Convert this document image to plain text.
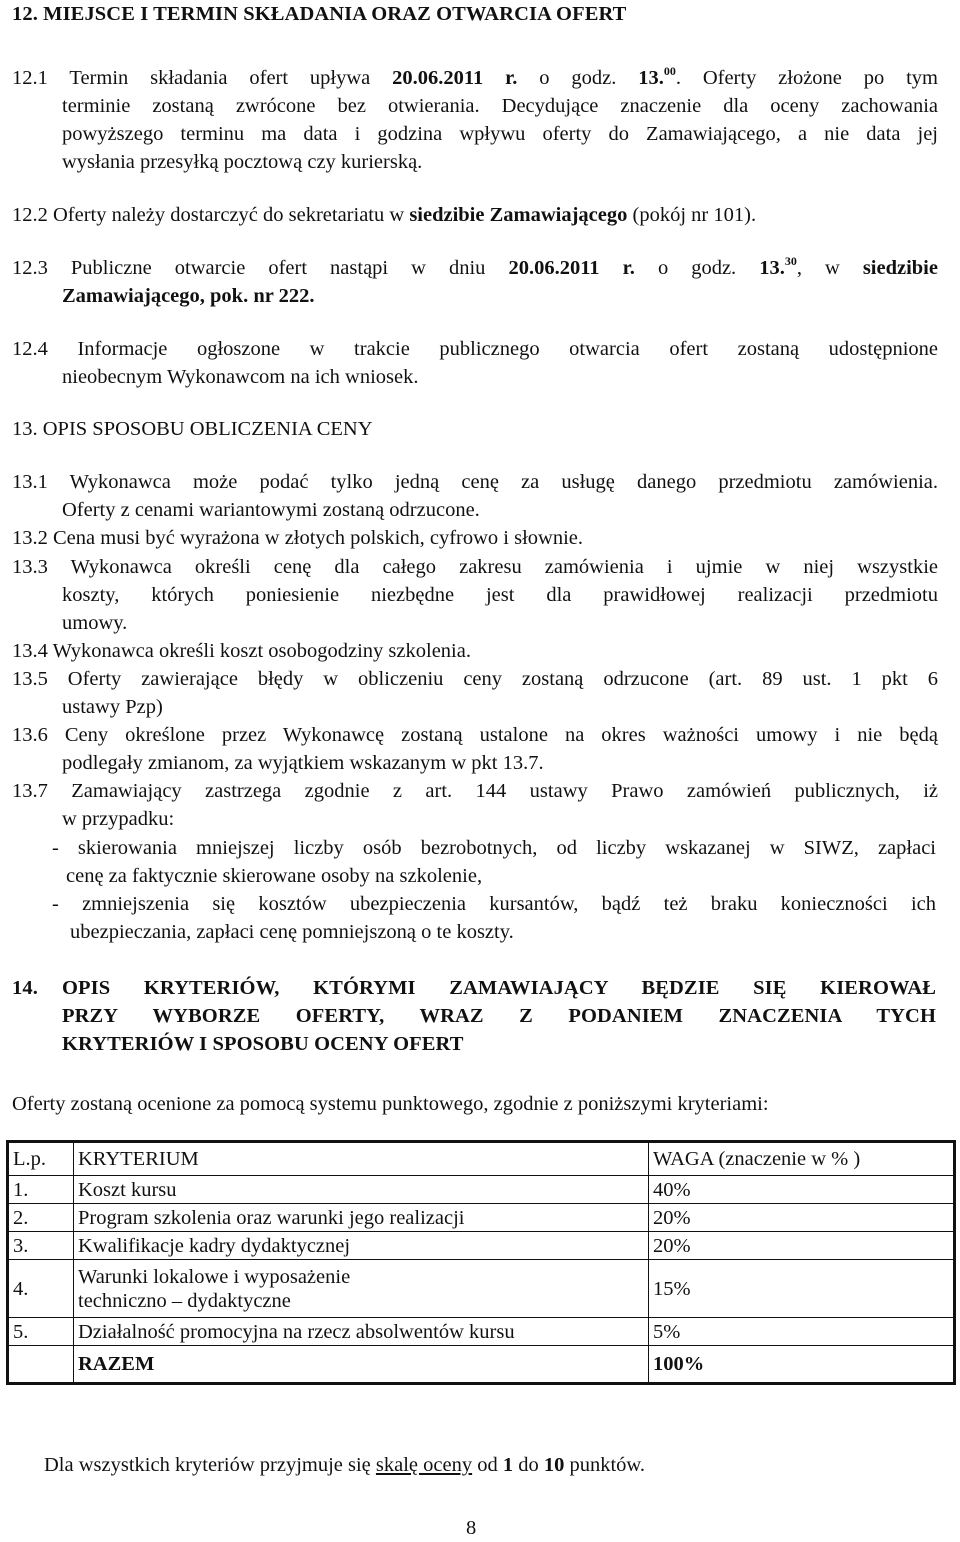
12. MIEJSCE I TERMIN SKŁADANIA ORAZ OTWARCIA OFERT
12.1 Termin składania ofert upływa 20.06.2011 r. o godz. 13.00. Oferty złożone po tym
terminie zostaną zwrócone bez otwierania. Decydujące znaczenie dla oceny zachowania
powyższego terminu ma data i godzina wpływu oferty do Zamawiającego, a nie data jej
wysłania przesyłką pocztową czy kurierską.
12.2 Oferty należy dostarczyć do sekretariatu w siedzibie Zamawiającego (pokój nr 101).
12.3 Publiczne otwarcie ofert nastąpi w dniu 20.06.2011 r. o godz. 13.30, w siedzibie
Zamawiającego, pok. nr 222.
12.4 Informacje ogłoszone w trakcie publicznego otwarcia ofert zostaną udostępnione
nieobecnym Wykonawcom na ich wniosek.
13. OPIS SPOSOBU OBLICZENIA CENY
13.1 Wykonawca może podać tylko jedną cenę za usługę danego przedmiotu zamówienia.
Oferty z cenami wariantowymi zostaną odrzucone.
13.2 Cena musi być wyrażona w złotych polskich, cyfrowo i słownie.
13.3 Wykonawca określi cenę dla całego zakresu zamówienia i ujmie w niej wszystkie
koszty, których poniesienie niezbędne jest dla prawidłowej realizacji przedmiotu
umowy.
13.4 Wykonawca określi koszt osobogodziny szkolenia.
13.5 Oferty zawierające błędy w obliczeniu ceny zostaną odrzucone (art. 89 ust. 1 pkt 6
ustawy Pzp)
13.6 Ceny określone przez Wykonawcę zostaną ustalone na okres ważności umowy i nie będą
podlegały zmianom, za wyjątkiem wskazanym w pkt 13.7.
13.7 Zamawiający zastrzega zgodnie z art. 144 ustawy Prawo zamówień publicznych, iż
w przypadku:
- skierowania mniejszej liczby osób bezrobotnych, od liczby wskazanej w SIWZ, zapłaci
cenę za faktycznie skierowane osoby na szkolenie,
- zmniejszenia się kosztów ubezpieczenia kursantów, bądź też braku konieczności ich
ubezpieczania, zapłaci cenę pomniejszoną o te koszty.
14. OPIS KRYTERIÓW, KTÓRYMI ZAMAWIAJĄCY BĘDZIE SIĘ KIEROWAŁ
PRZY WYBORZE OFERTY, WRAZ Z PODANIEM ZNACZENIA TYCH
KRYTERIÓW I SPOSOBU OCENY OFERT
Oferty zostaną ocenione za pomocą systemu punktowego, zgodnie z poniższymi kryteriami:
L.p.	KRYTERIUM	WAGA (znaczenie w % )
1.	Koszt kursu	40%
2.	Program szkolenia oraz warunki jego realizacji	20%
3.	Kwalifikacje kadry dydaktycznej	20%
4.	Warunki lokalowe i wyposażenie techniczno – dydaktyczne	15%
5.	Działalność promocyjna na rzecz absolwentów kursu	5%
	RAZEM	100%
Dla wszystkich kryteriów przyjmuje się skalę oceny od 1 do 10 punktów.
8
